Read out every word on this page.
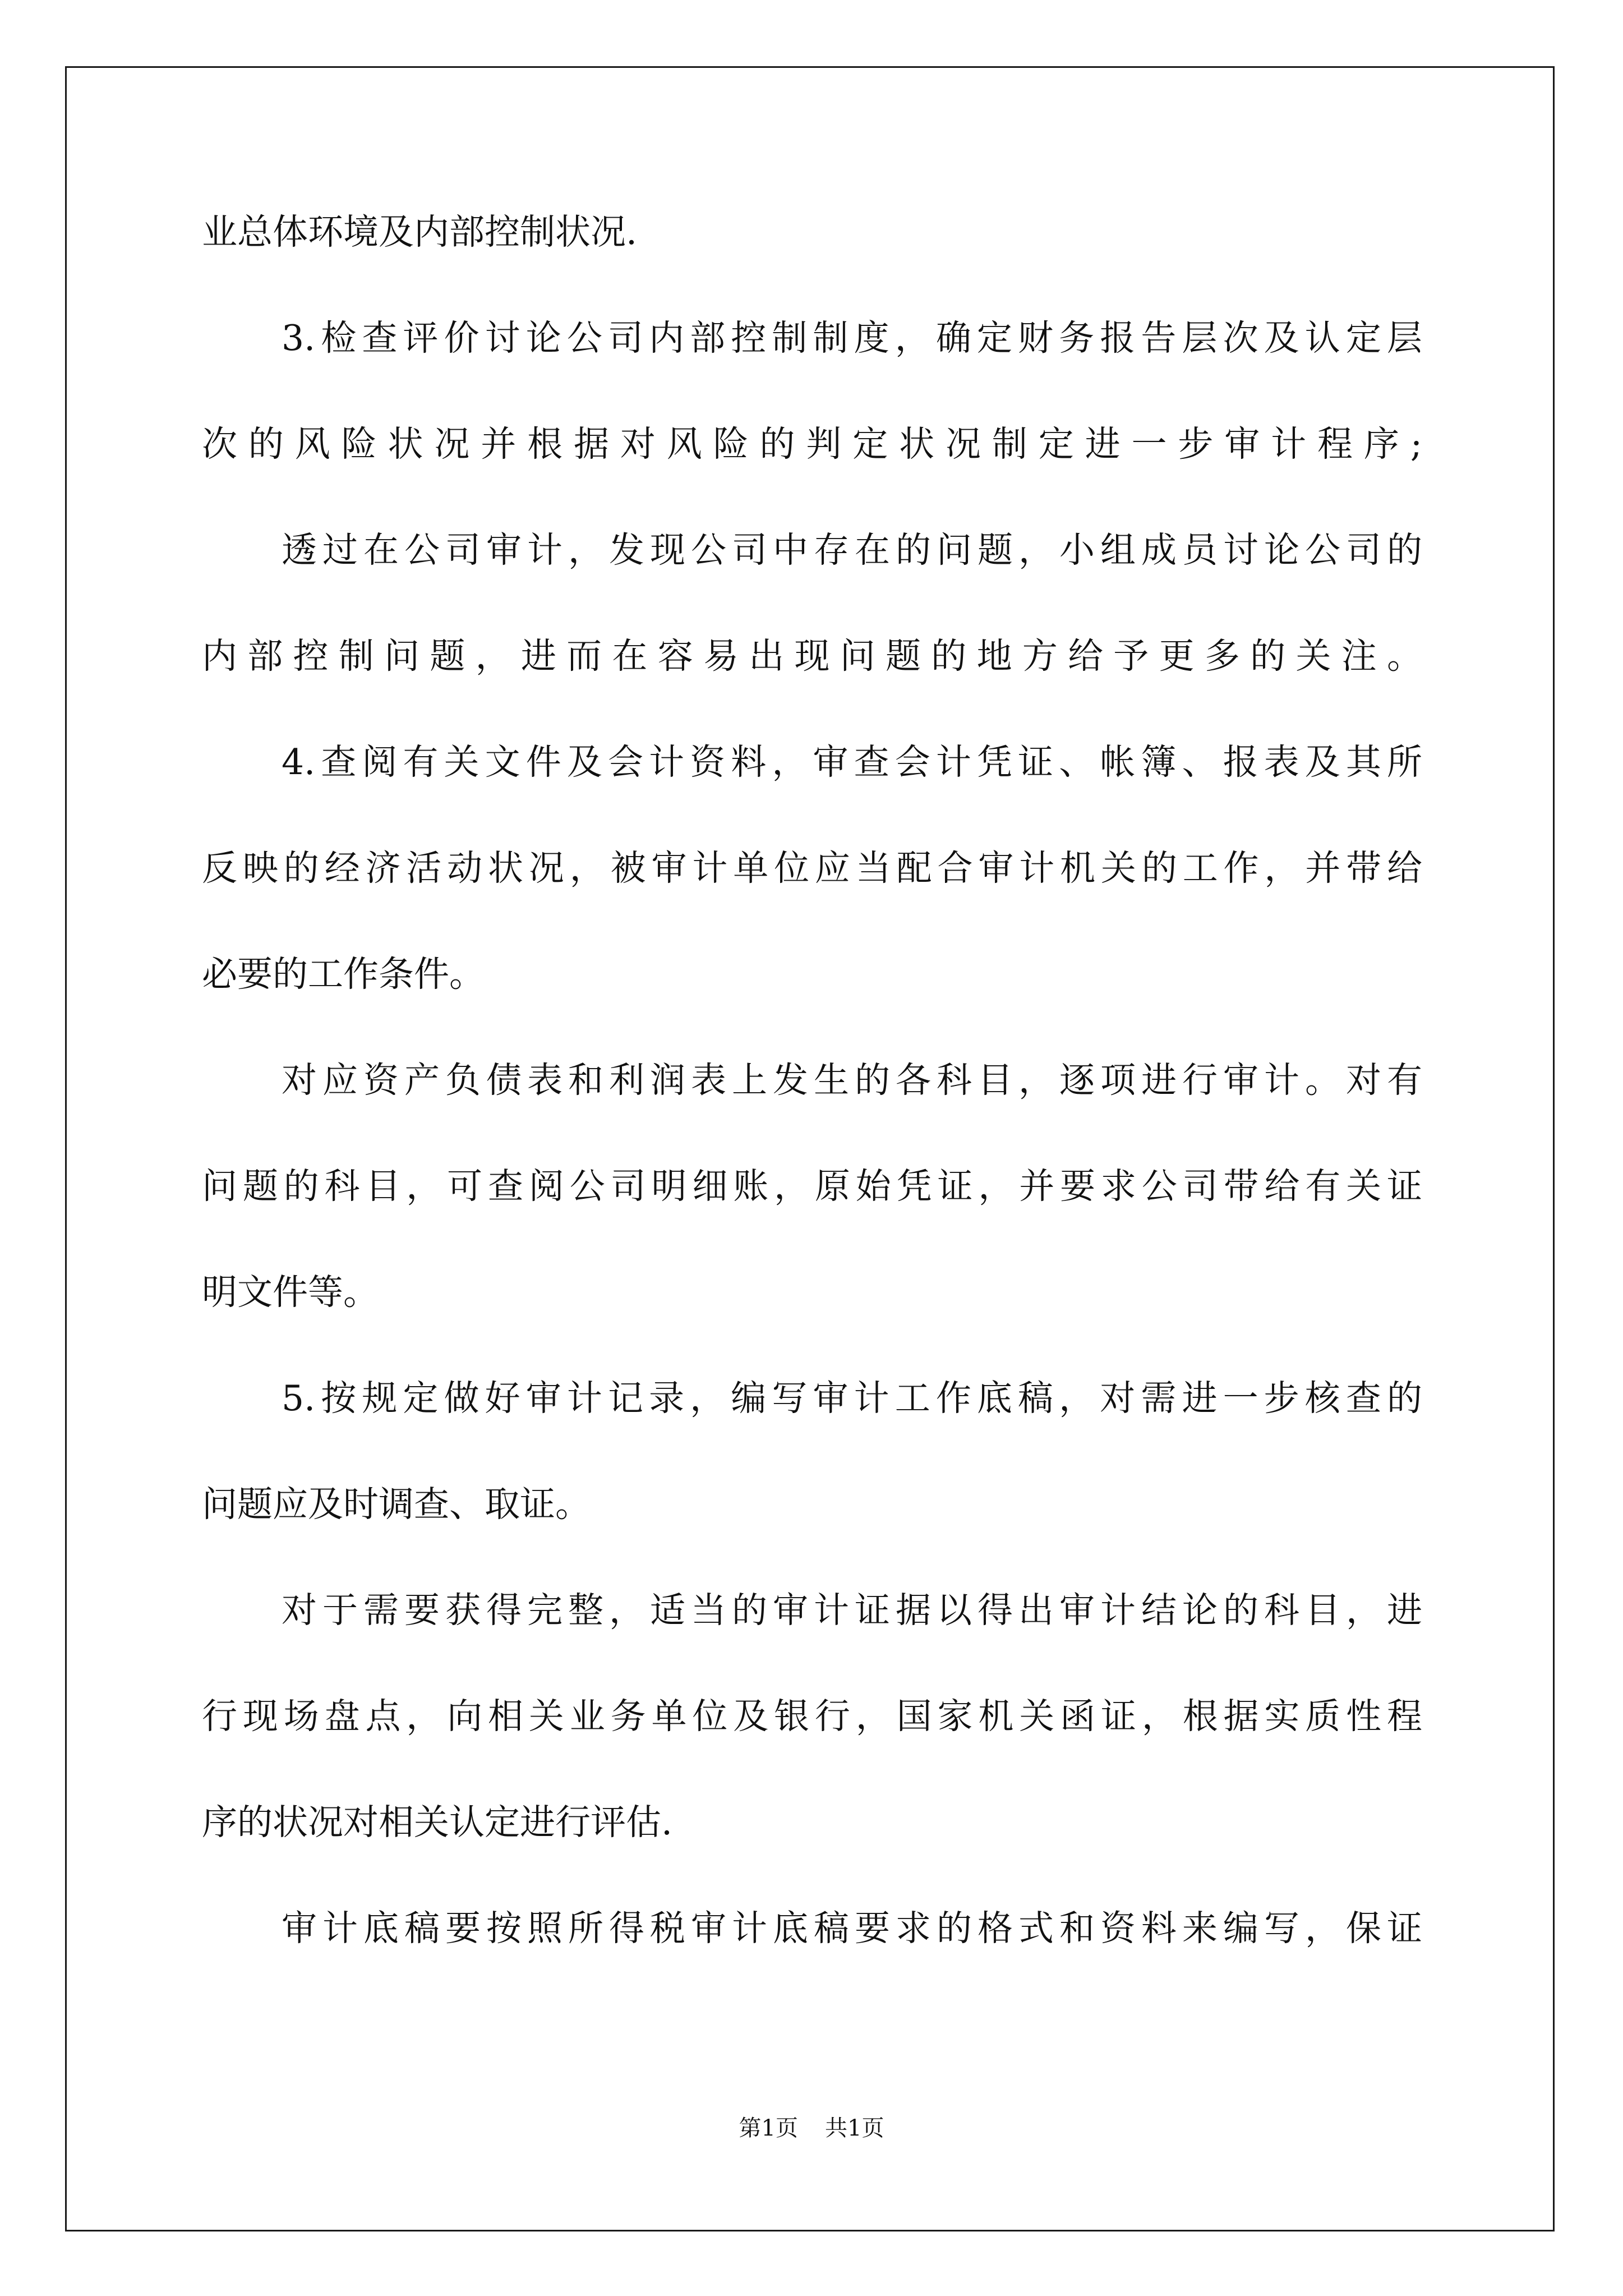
业总体环境及内部控制状况.
3.检查评价讨论公司内部控制制度，确定财务报告层次及认定层
次的风险状况并根据对风险的判定状况制定进一步审计程序;
透过在公司审计，发现公司中存在的问题，小组成员讨论公司的
内部控制问题，进而在容易出现问题的地方给予更多的关注。
4.查阅有关文件及会计资料，审查会计凭证、帐簿、报表及其所
反映的经济活动状况，被审计单位应当配合审计机关的工作，并带给
必要的工作条件。
对应资产负债表和利润表上发生的各科目，逐项进行审计。对有
问题的科目，可查阅公司明细账，原始凭证，并要求公司带给有关证
明文件等。
5.按规定做好审计记录，编写审计工作底稿，对需进一步核查的
问题应及时调查、取证。
对于需要获得完整，适当的审计证据以得出审计结论的科目，进
行现场盘点，向相关业务单位及银行，国家机关函证，根据实质性程
序的状况对相关认定进行评估.
审计底稿要按照所得税审计底稿要求的格式和资料来编写，保证
第1页 共1页
